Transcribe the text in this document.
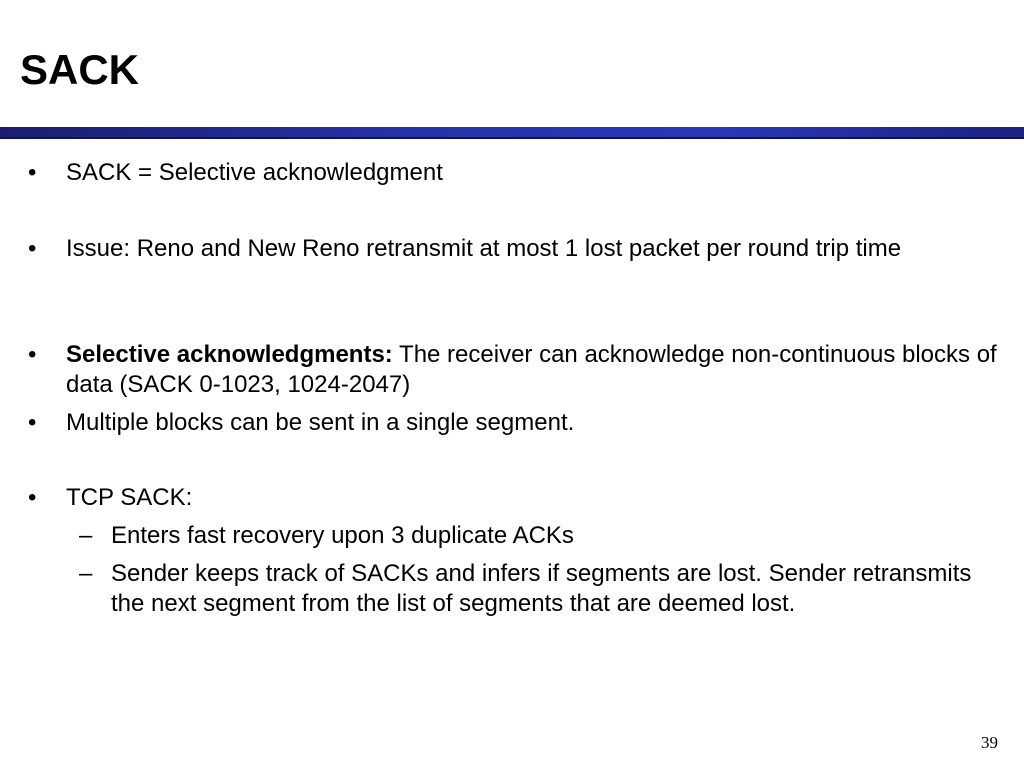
SACK
• SACK = Selective acknowledgment
• Issue: Reno and New Reno retransmit at most 1 lost packet per round trip time
• Selective acknowledgments: The receiver can acknowledge non-continuous blocks of data (SACK 0-1023, 1024-2047)
• Multiple blocks can be sent in a single segment.
• TCP SACK:
– Enters fast recovery upon 3 duplicate ACKs
– Sender keeps track of SACKs and infers if segments are lost. Sender retransmits the next segment from the list of segments that are deemed lost.
39
